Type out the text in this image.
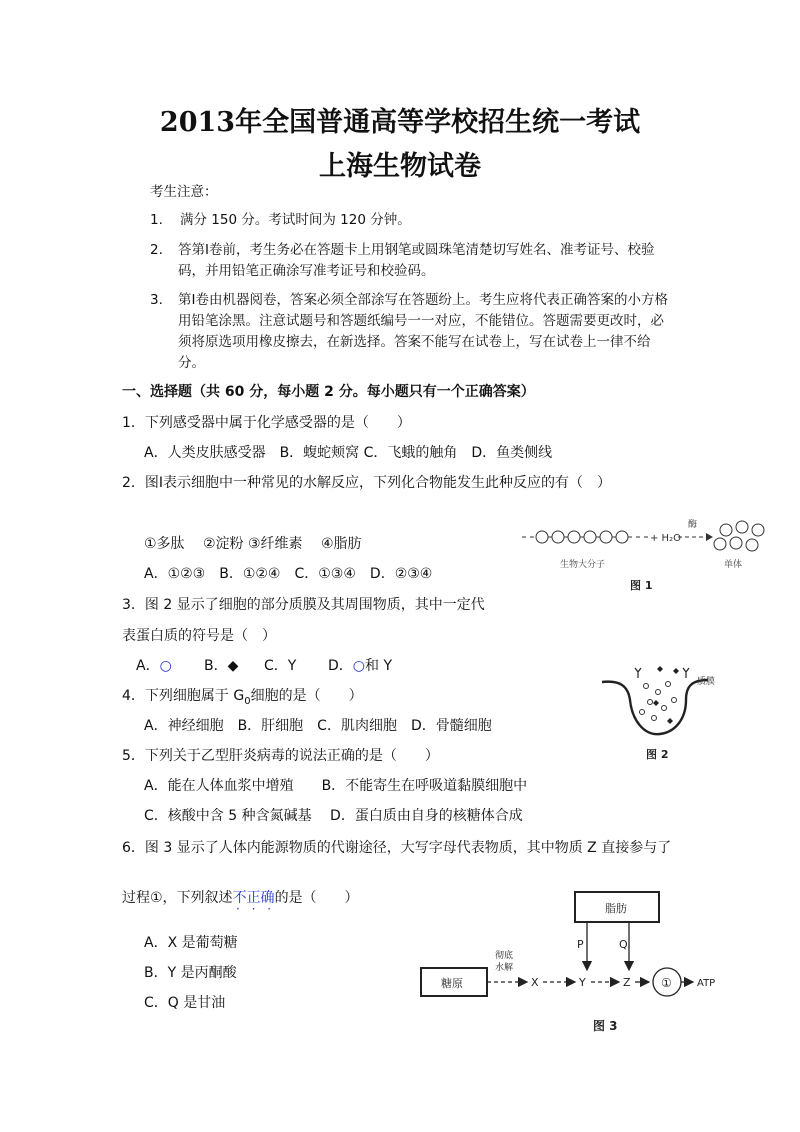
2013年全国普通高等学校招生统一考试
上海生物试卷
考生注意：
1. 满分 150 分。考试时间为 120 分钟。
2. 答第Ⅰ卷前，考生务必在答题卡上用钢笔或圆珠笔清楚切写姓名、准考证号、校验码，并用铅笔正确涂写准考证号和校验码。
3. 第Ⅰ卷由机器阅卷，答案必须全部涂写在答题纷上。考生应将代表正确答案的小方格用铅笔涂黑。注意试题号和答题纸编号一一对应，不能错位。答题需要更改时，必须将原选项用橡皮擦去，在新选择。答案不能写在试卷上，写在试卷上一律不给分。
一、选择题（共 60 分，每小题 2 分。每小题只有一个正确答案）
1．下列感受器中属于化学感受器的是（　　）
A．人类皮肤感受器　B．蝮蛇颊窝 C．飞蛾的触角　D．鱼类侧线
2．图Ⅰ表示细胞中一种常见的水解反应，下列化合物能发生此种反应的有（　）
①多肽　 ②淀粉 ③纤维素　 ④脂肪
A．①②③　B．①②④　C．①③④　D．②③④
+ H₂O
酶
生物大分子	单体
图 1
3．图 2 显示了细胞的部分质膜及其周围物质，其中一定代
表蛋白质的符号是（　）
A．○ B．◆ C．Y D．○和 Y
质膜
图 2
4．下列细胞属于 $G_0$细胞的是（　　）
A．神经细胞　B．肝细胞　C．肌肉细胞　D．骨髓细胞
5．下列关于乙型肝炎病毒的说法正确的是（　　）
A．能在人体血浆中增殖　　B．不能寄生在呼吸道黏膜细胞中
C．核酸中含 5 种含氮碱基　 D．蛋白质由自身的核糖体合成
6．图 3 显示了人体内能源物质的代谢途径，大写字母代表物质，其中物质 Z 直接参与了
过程①，下列叙述不正确的是（　　）
· · ·
A．X 是葡萄糖
B．Y 是丙酮酸
C．Q 是甘油
脂肪
P	Q
糖原
彻底
水解
X	Y	Z	①	ATP
图 3
